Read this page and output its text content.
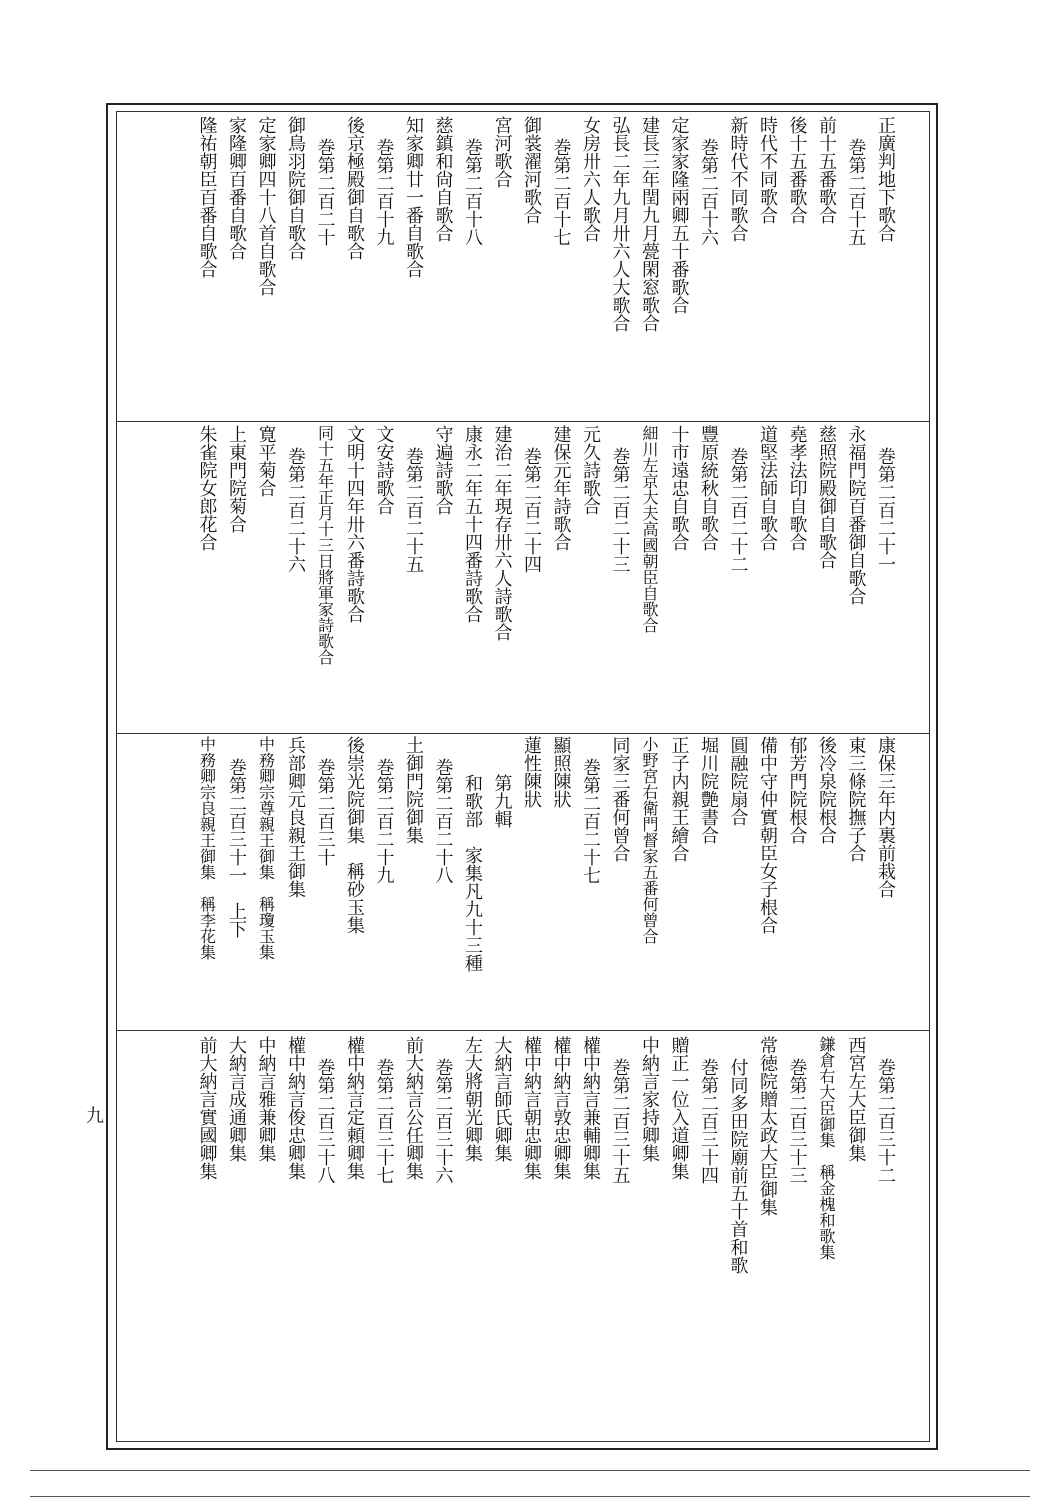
正廣判地下歌合
巻第二百十五
前十五番歌合
後十五番歌合
時代不同歌合
新時代不同歌合
巻第二百十六
定家家隆兩卿五十番歌合
建長三年閏九月甍閑窓歌合
弘長二年九月卅六人大歌合
女房卅六人歌合
巻第二百十七
御裳濯河歌合
宮河歌合
巻第二百十八
慈鎮和尙自歌合
知家卿廿一番自歌合
巻第二百十九
後京極殿御自歌合
巻第二百二十
御鳥羽院御自歌合
定家卿四十八首自歌合
家隆卿百番自歌合
隆祐朝臣百番自歌合
巻第二百二十一
永福門院百番御自歌合
慈照院殿御自歌合
堯孝法印自歌合
道堅法師自歌合
巻第二百二十二
豐原統秋自歌合
十市遠忠自歌合
細川左京大夫高國朝臣自歌合
巻第二百二十三
元久詩歌合
建保元年詩歌合
巻第二百二十四
建治二年現存卅六人詩歌合
康永二年五十四番詩歌合
守遍詩歌合
巻第二百二十五
文安詩歌合
文明十四年卅六番詩歌合
同十五年正月十三日將軍家詩歌合
巻第二百二十六
寛平菊合
上東門院菊合
朱雀院女郎花合
康保三年内裏前栽合
東三條院撫子合
後冷泉院根合
郁芳門院根合
備中守仲實朝臣女子根合
圓融院扇合
堀川院艶書合
正子内親王繪合
小野宮右衛門督家五番何曾合
同家三番何曾合
巻第二百二十七
顯照陳狀
蓮性陳狀
第九輯
和歌部　家集凡九十三種
巻第二百二十八
土御門院御集
巻第二百二十九
後崇光院御集　稱砂玉集
巻第二百三十
兵部卿元良親王御集
中務卿宗尊親王御集　稱瓊玉集
巻第二百三十一　上下
中務卿宗良親王御集　稱李花集
巻第二百三十二
西宮左大臣御集
鎌倉右大臣御集　稱金槐和歌集
巻第二百三十三
常徳院贈太政大臣御集
付同多田院廟前五十首和歌
巻第二百三十四
贈正一位入道卿集
中納言家持卿集
巻第二百三十五
權中納言兼輔卿集
權中納言敦忠卿集
權中納言朝忠卿集
大納言師氏卿集
左大將朝光卿集
巻第二百三十六
前大納言公任卿集
巻第二百三十七
權中納言定頼卿集
巻第二百三十八
權中納言俊忠卿集
中納言雅兼卿集
大納言成通卿集
前大納言實國卿集
九
